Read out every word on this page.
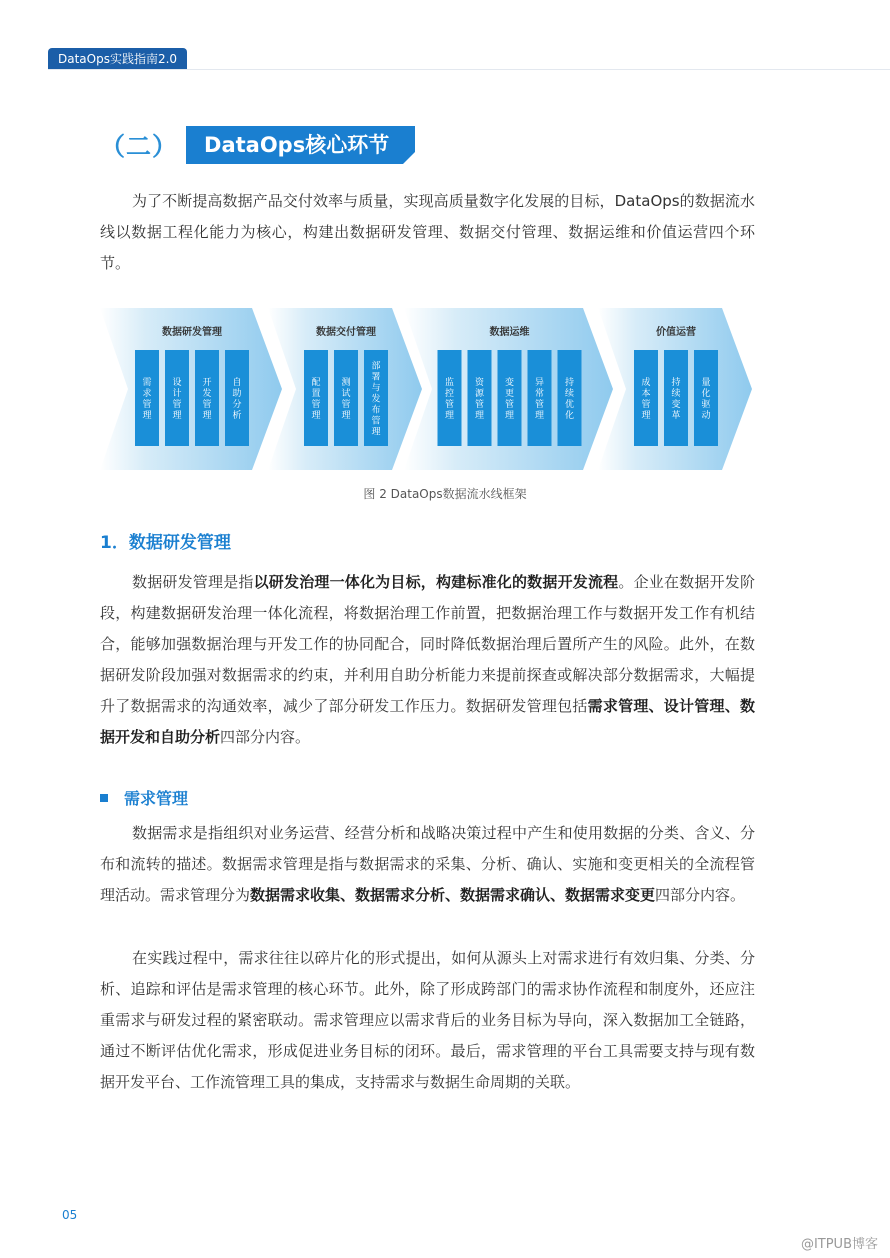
DataOps实践指南2.0
（二）	DataOps核心环节

为了不断提高数据产品交付效率与质量，实现高质量数字化发展的目标，DataOps的数据流水线以数据工程化能力为核心，构建出数据研发管理、数据交付管理、数据运维和价值运营四个环节。

数据研发管理
需求管理
设计管理
开发管理
自助分析
数据交付管理
配置管理
测试管理
部署与发布管理
数据运维
监控管理
资源管理
变更管理
异常管理
持续优化
价值运营
成本管理
持续变革
量化驱动
图 2 DataOps数据流水线框架
1．数据研发管理

数据研发管理是指以研发治理一体化为目标，构建标准化的数据开发流程。企业在数据开发阶段，构建数据研发治理一体化流程，将数据治理工作前置，把数据治理工作与数据开发工作有机结合，能够加强数据治理与开发工作的协同配合，同时降低数据治理后置所产生的风险。此外，在数据研发阶段加强对数据需求的约束，并利用自助分析能力来提前探查或解决部分数据需求，大幅提升了数据需求的沟通效率，减少了部分研发工作压力。数据研发管理包括需求管理、设计管理、数据开发和自助分析四部分内容。

需求管理

数据需求是指组织对业务运营、经营分析和战略决策过程中产生和使用数据的分类、含义、分布和流转的描述。数据需求管理是指与数据需求的采集、分析、确认、实施和变更相关的全流程管理活动。需求管理分为数据需求收集、数据需求分析、数据需求确认、数据需求变更四部分内容。

在实践过程中，需求往往以碎片化的形式提出，如何从源头上对需求进行有效归集、分类、分析、追踪和评估是需求管理的核心环节。此外，除了形成跨部门的需求协作流程和制度外，还应注重需求与研发过程的紧密联动。需求管理应以需求背后的业务目标为导向，深入数据加工全链路，通过不断评估优化需求，形成促进业务目标的闭环。最后，需求管理的平台工具需要支持与现有数据开发平台、工作流管理工具的集成，支持需求与数据生命周期的关联。

05
@ITPUB博客
